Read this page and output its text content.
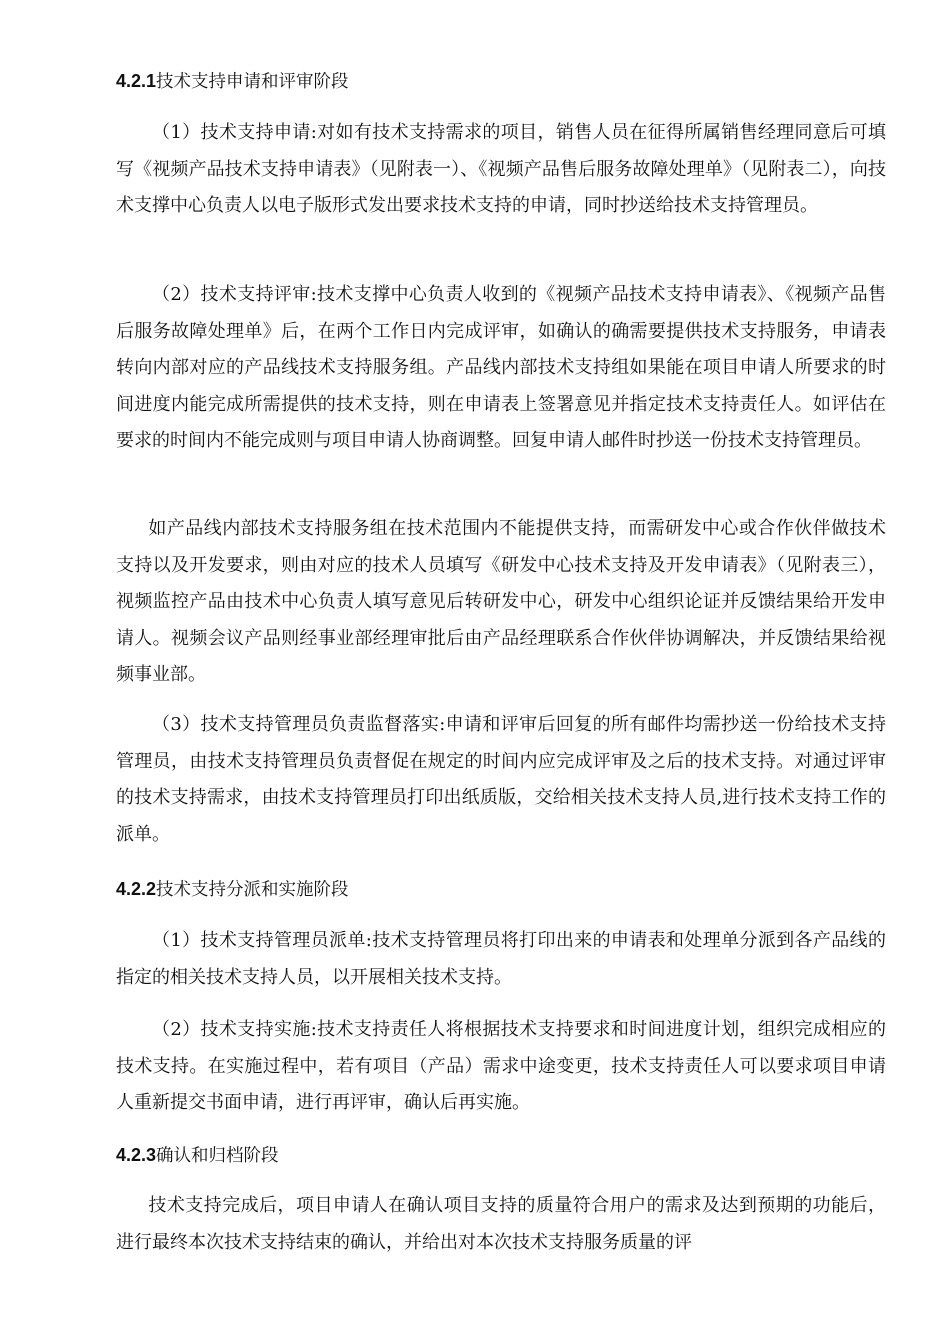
4.2.1技术支持申请和评审阶段

（1）技术支持申请:对如有技术支持需求的项目，销售人员在征得所属销售经理同意后可填写《视频产品技术支持申请表》（见附表一）、《视频产品售后服务故障处理单》（见附表二），向技术支撑中心负责人以电子版形式发出要求技术支持的申请，同时抄送给技术支持管理员。

（2）技术支持评审:技术支撑中心负责人收到的《视频产品技术支持申请表》、《视频产品售后服务故障处理单》后，在两个工作日内完成评审，如确认的确需要提供技术支持服务，申请表转向内部对应的产品线技术支持服务组。产品线内部技术支持组如果能在项目申请人所要求的时间进度内能完成所需提供的技术支持，则在申请表上签署意见并指定技术支持责任人。如评估在要求的时间内不能完成则与项目申请人协商调整。回复申请人邮件时抄送一份技术支持管理员。

如产品线内部技术支持服务组在技术范围内不能提供支持，而需研发中心或合作伙伴做技术支持以及开发要求，则由对应的技术人员填写《研发中心技术支持及开发申请表》（见附表三），视频监控产品由技术中心负责人填写意见后转研发中心，研发中心组织论证并反馈结果给开发申请人。视频会议产品则经事业部经理审批后由产品经理联系合作伙伴协调解决，并反馈结果给视频事业部。

（3）技术支持管理员负责监督落实:申请和评审后回复的所有邮件均需抄送一份给技术支持管理员，由技术支持管理员负责督促在规定的时间内应完成评审及之后的技术支持。对通过评审的技术支持需求，由技术支持管理员打印出纸质版，交给相关技术支持人员,进行技术支持工作的派单。

4.2.2技术支持分派和实施阶段

（1）技术支持管理员派单:技术支持管理员将打印出来的申请表和处理单分派到各产品线的指定的相关技术支持人员，以开展相关技术支持。

（2）技术支持实施:技术支持责任人将根据技术支持要求和时间进度计划，组织完成相应的技术支持。在实施过程中，若有项目（产品）需求中途变更，技术支持责任人可以要求项目申请人重新提交书面申请，进行再评审，确认后再实施。

4.2.3确认和归档阶段

技术支持完成后，项目申请人在确认项目支持的质量符合用户的需求及达到预期的功能后，进行最终本次技术支持结束的确认，并给出对本次技术支持服务质量的评
